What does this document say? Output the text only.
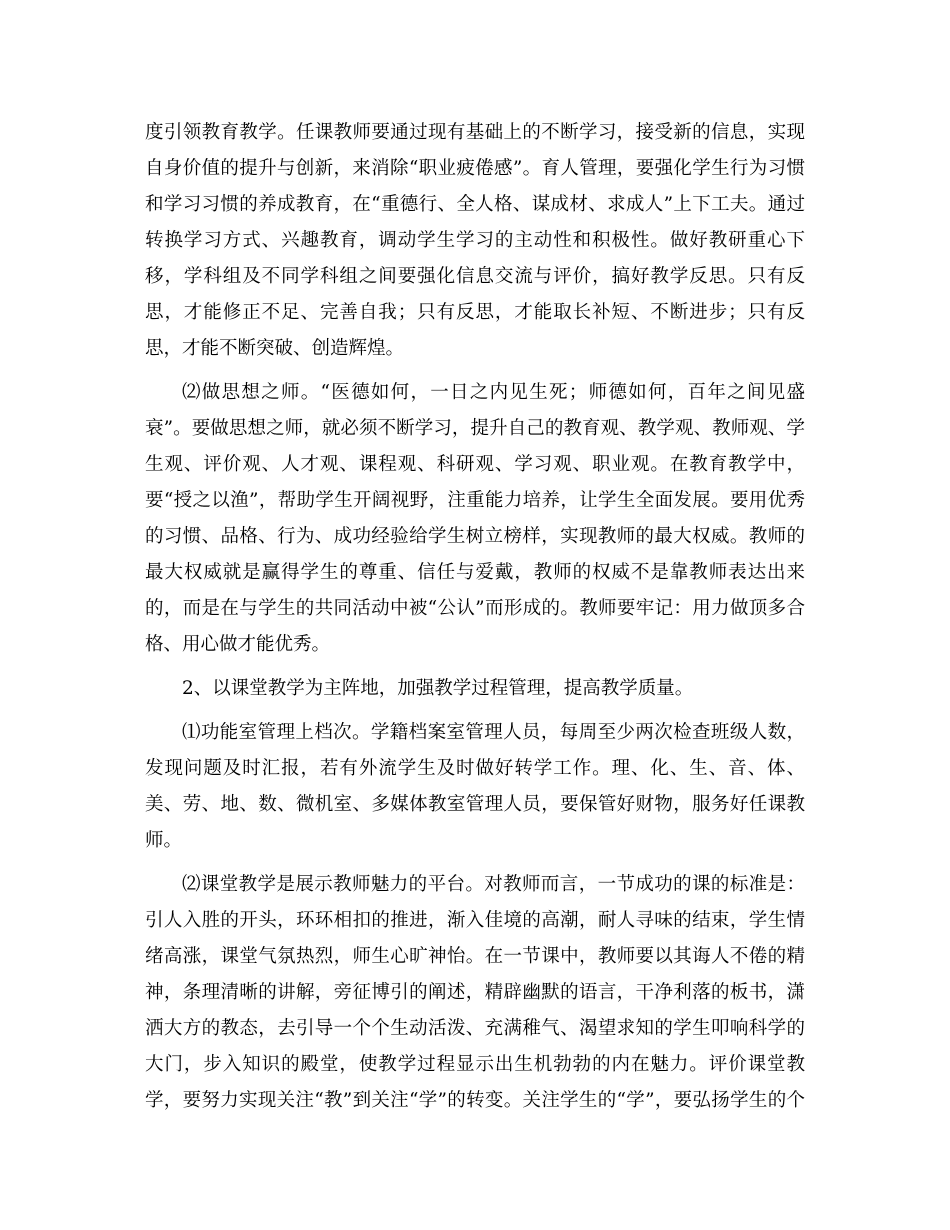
度引领教育教学。任课教师要通过现有基础上的不断学习，接受新的信息，实现
自身价值的提升与创新，来消除“职业疲倦感”。育人管理，要强化学生行为习惯
和学习习惯的养成教育，在“重德行、全人格、谋成材、求成人”上下工夫。通过
转换学习方式、兴趣教育，调动学生学习的主动性和积极性。做好教研重心下
移，学科组及不同学科组之间要强化信息交流与评价，搞好教学反思。只有反
思，才能修正不足、完善自我；只有反思，才能取长补短、不断进步；只有反
思，才能不断突破、创造辉煌。
⑵做思想之师。“医德如何，一日之内见生死；师德如何，百年之间见盛
衰”。要做思想之师，就必须不断学习，提升自己的教育观、教学观、教师观、学
生观、评价观、人才观、课程观、科研观、学习观、职业观。在教育教学中，
要“授之以渔”，帮助学生开阔视野，注重能力培养，让学生全面发展。要用优秀
的习惯、品格、行为、成功经验给学生树立榜样，实现教师的最大权威。教师的
最大权威就是赢得学生的尊重、信任与爱戴，教师的权威不是靠教师表达出来
的，而是在与学生的共同活动中被“公认”而形成的。教师要牢记：用力做顶多合
格、用心做才能优秀。
2、以课堂教学为主阵地，加强教学过程管理，提高教学质量。
⑴功能室管理上档次。学籍档案室管理人员，每周至少两次检查班级人数，
发现问题及时汇报，若有外流学生及时做好转学工作。理、化、生、音、体、
美、劳、地、数、微机室、多媒体教室管理人员，要保管好财物，服务好任课教
师。
⑵课堂教学是展示教师魅力的平台。对教师而言，一节成功的课的标准是：
引人入胜的开头，环环相扣的推进，渐入佳境的高潮，耐人寻味的结束，学生情
绪高涨，课堂气氛热烈，师生心旷神怡。在一节课中，教师要以其诲人不倦的精
神，条理清晰的讲解，旁征博引的阐述，精辟幽默的语言，干净利落的板书，潇
洒大方的教态，去引导一个个生动活泼、充满稚气、渴望求知的学生叩响科学的
大门，步入知识的殿堂，使教学过程显示出生机勃勃的内在魅力。评价课堂教
学，要努力实现关注“教”到关注“学”的转变。关注学生的“学”，要弘扬学生的个
